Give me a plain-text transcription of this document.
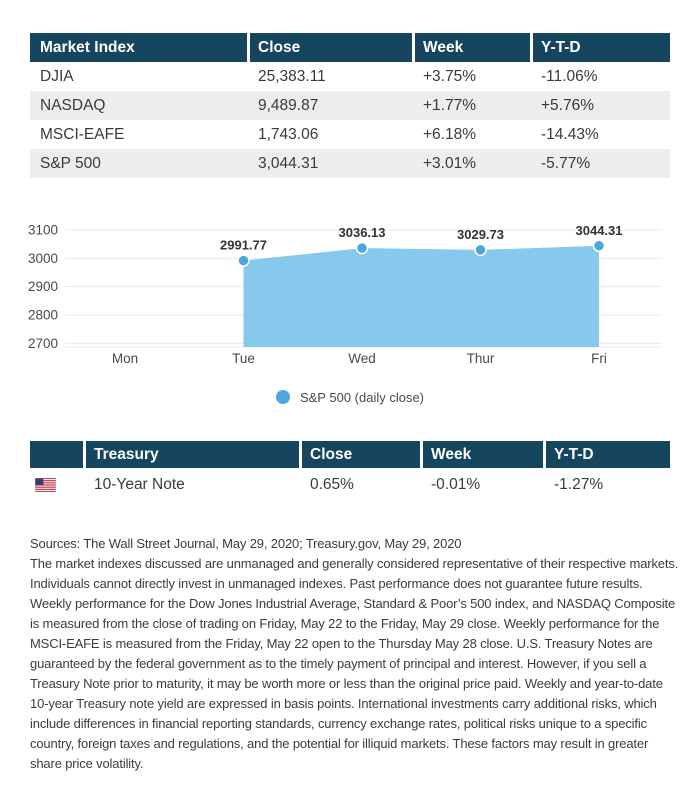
Market Index	Close	Week	Y-T-D
DJIA	25,383.11	+3.75%	-11.06%
NASDAQ	9,489.87	+1.77%	+5.76%
MSCI-EAFE	1,743.06	+6.18%	-14.43%
S&P 500	3,044.31	+3.01%	-5.77%
2700
2800
2900
3000
3100
Mon	Tue	Wed	Thur	Fri
2991.77
3036.13	3029.73	3044.31
S&P 500 (daily close)
Treasury	Close	Week	Y-T-D
10-Year Note	0.65%	-0.01%	-1.27%
Sources: The Wall Street Journal, May 29, 2020; Treasury.gov, May 29, 2020
The market indexes discussed are unmanaged and generally considered representative of their respective markets. Individuals cannot directly invest in unmanaged indexes. Past performance does not guarantee future results. Weekly performance for the Dow Jones Industrial Average, Standard & Poor’s 500 index, and NASDAQ Composite is measured from the close of trading on Friday, May 22 to the Friday, May 29 close. Weekly performance for the MSCI-EAFE is measured from the Friday, May 22 open to the Thursday May 28 close. U.S. Treasury Notes are guaranteed by the federal government as to the timely payment of principal and interest. However, if you sell a Treasury Note prior to maturity, it may be worth more or less than the original price paid. Weekly and year-to-date 10-year Treasury note yield are expressed in basis points. International investments carry additional risks, which include differences in financial reporting standards, currency exchange rates, political risks unique to a specific country, foreign taxes and regulations, and the potential for illiquid markets. These factors may result in greater share price volatility.
